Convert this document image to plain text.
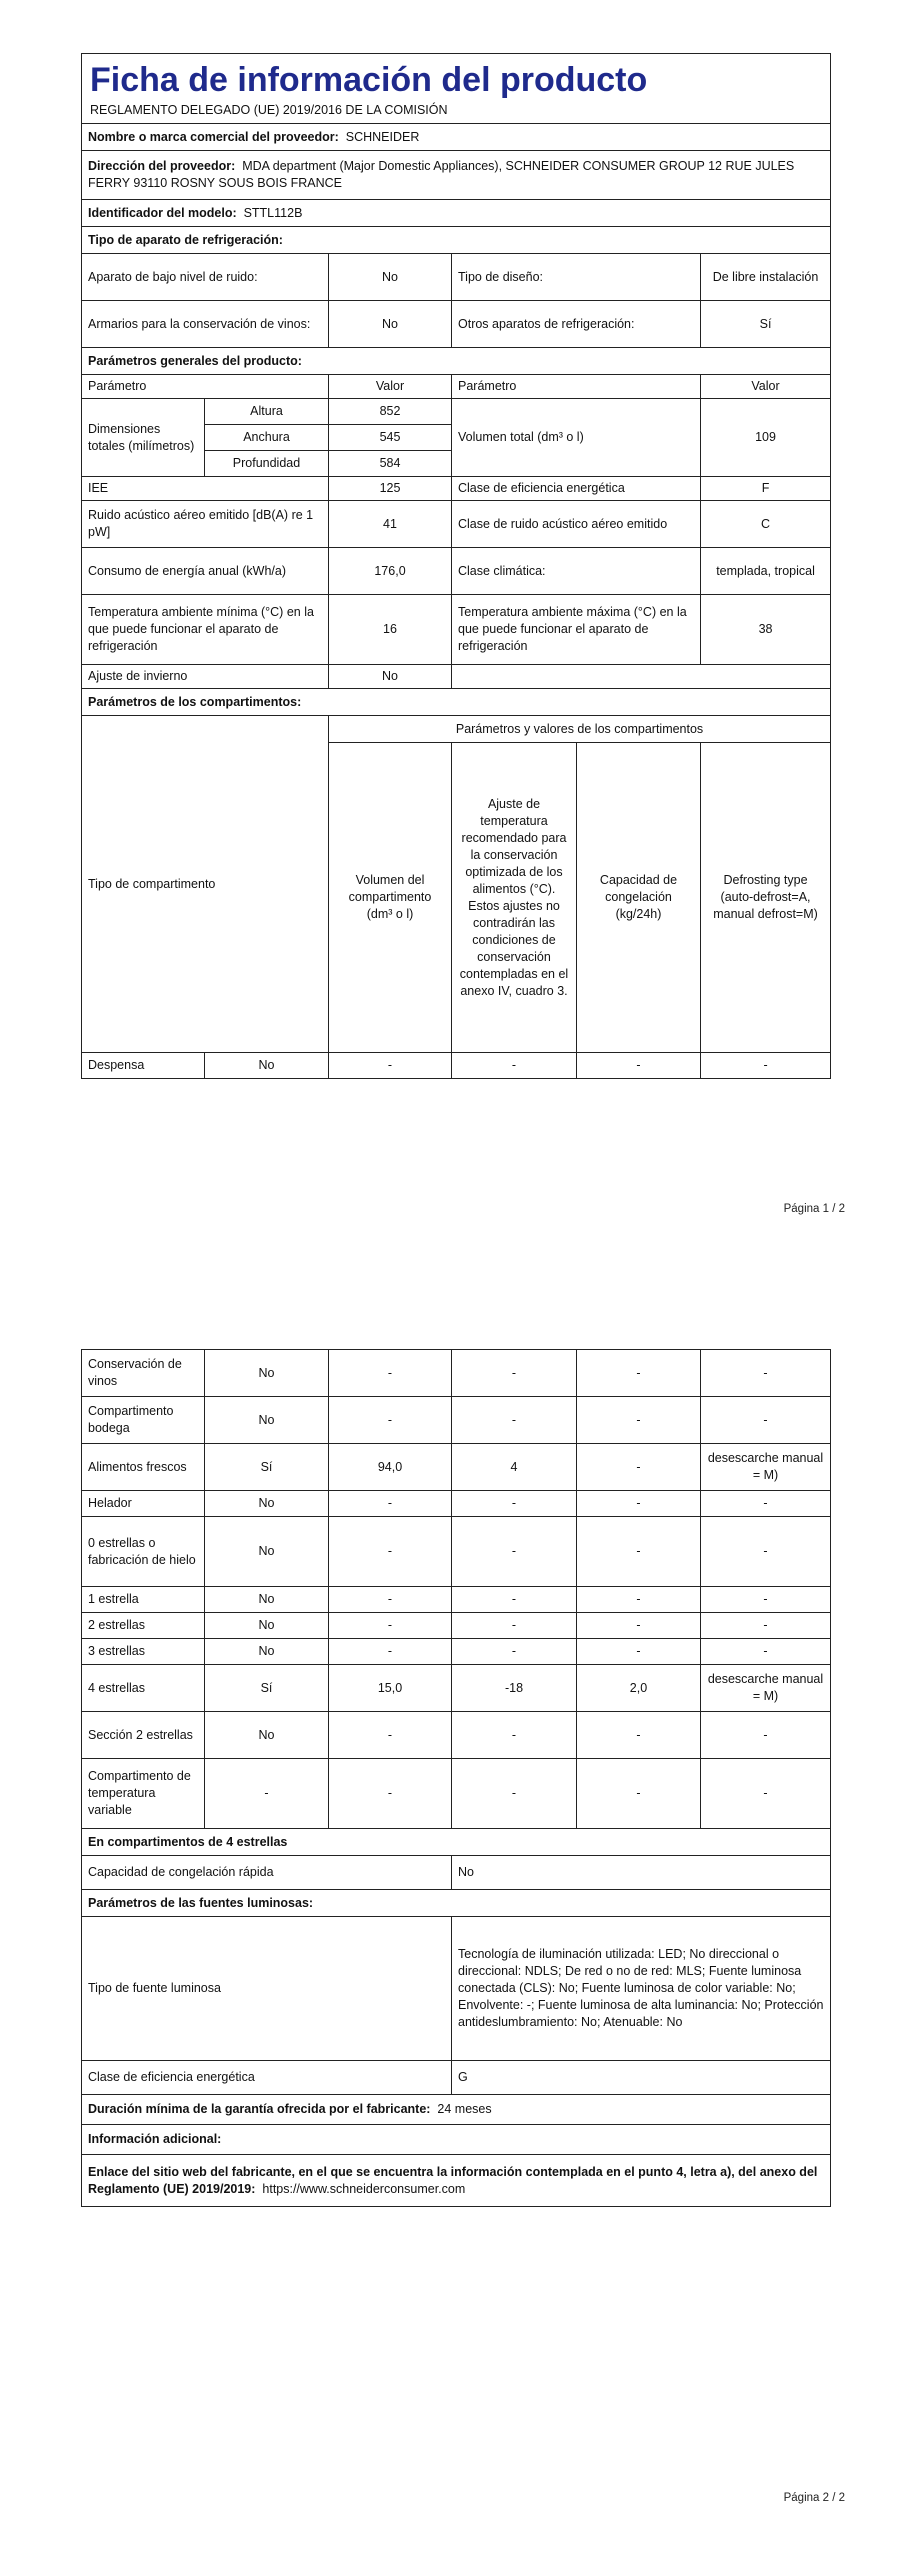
Ficha de información del producto
REGLAMENTO DELEGADO (UE) 2019/2016 DE LA COMISIÓN					

Nombre o marca comercial del proveedor: SCHNEIDER					
Dirección del proveedor: MDA department (Major Domestic Appliances), SCHNEIDER CONSUMER GROUP 12 RUE JULES FERRY 93110 ROSNY SOUS BOIS FRANCE					
Identificador del modelo: STTL112B					
Tipo de aparato de refrigeración:					
Aparato de bajo nivel de ruido:		No	Tipo de diseño:		De libre instalación
Armarios para la conservación de vinos:		No	Otros aparatos de refrigeración:		Sí
Parámetros generales del producto:					
Parámetro		Valor	Parámetro		Valor
Dimensiones totales (milímetros)	Altura	852	Volumen total (dm³ o l)		109
	Anchura	545			
	Profundidad	584			
IEE		125	Clase de eficiencia energética		F
Ruido acústico aéreo emitido [dB(A) re 1 pW]		41	Clase de ruido acústico aéreo emitido		C
Consumo de energía anual (kWh/a)		176,0	Clase climática:		templada, tropical
Temperatura ambiente mínima (°C) en la que puede funcionar el aparato de refrigeración		16	Temperatura ambiente máxima (°C) en la que puede funcionar el aparato de refrigeración		38
Ajuste de invierno		No			
Parámetros de los compartimentos:					
Tipo de compartimento		Parámetros y valores de los compartimentos			
		Volumen del compartimento (dm³ o l)	Ajuste de temperatura recomendado para la conservación optimizada de los alimentos (°C). Estos ajustes no contradirán las condiciones de conservación contempladas en el anexo IV, cuadro 3.	Capacidad de congelación (kg/24h)	Defrosting type (auto-defrost=A, manual defrost=M)
Despensa	No	-	-	-	-
Página 1 / 2
Conservación de vinos	No	-	-	-	-
Compartimento bodega	No	-	-	-	-
Alimentos frescos	Sí	94,0	4	-	desescarche manual = M)
Helador	No	-	-	-	-
0 estrellas o fabricación de hielo	No	-	-	-	-
1 estrella	No	-	-	-	-
2 estrellas	No	-	-	-	-
3 estrellas	No	-	-	-	-
4 estrellas	Sí	15,0	-18	2,0	desescarche manual = M)
Sección 2 estrellas	No	-	-	-	-
Compartimento de temperatura variable	-	-	-	-	-
En compartimentos de 4 estrellas	
Capacidad de congelación rápida	No
Parámetros de las fuentes luminosas:	
Tipo de fuente luminosa	Tecnología de iluminación utilizada: LED; No direccional o direccional: NDLS; De red o no de red: MLS; Fuente luminosa conectada (CLS): No; Fuente luminosa de color variable: No; Envolvente: -; Fuente luminosa de alta luminancia: No; Protección antideslumbramiento: No; Atenuable: No
Clase de eficiencia energética	G
Duración mínima de la garantía ofrecida por el fabricante: 24 meses	
Información adicional:	
Enlace del sitio web del fabricante, en el que se encuentra la información contemplada en el punto 4, letra a), del anexo del Reglamento (UE) 2019/2019: https://www.schneiderconsumer.com	
Página 2 / 2
